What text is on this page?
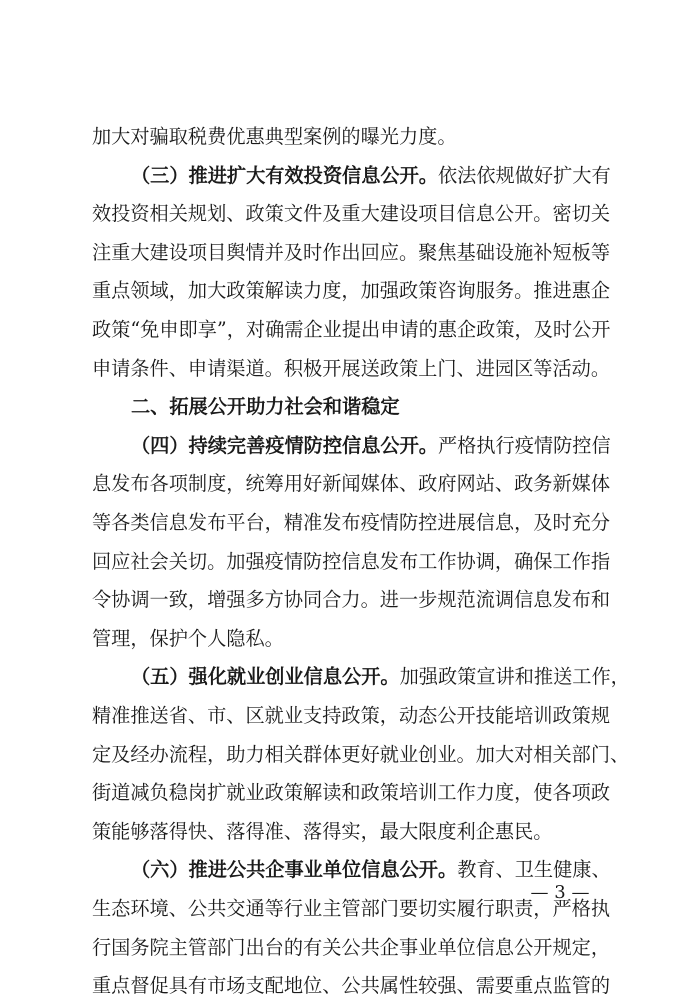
加大对骗取税费优惠典型案例的曝光力度。
（三）推进扩大有效投资信息公开。依法依规做好扩大有
效投资相关规划、政策文件及重大建设项目信息公开。密切关
注重大建设项目舆情并及时作出回应。聚焦基础设施补短板等
重点领域，加大政策解读力度，加强政策咨询服务。推进惠企
政策“免申即享”，对确需企业提出申请的惠企政策，及时公开
申请条件、申请渠道。积极开展送政策上门、进园区等活动。
二、拓展公开助力社会和谐稳定
（四）持续完善疫情防控信息公开。严格执行疫情防控信
息发布各项制度，统筹用好新闻媒体、政府网站、政务新媒体
等各类信息发布平台，精准发布疫情防控进展信息，及时充分
回应社会关切。加强疫情防控信息发布工作协调，确保工作指
令协调一致，增强多方协同合力。进一步规范流调信息发布和
管理，保护个人隐私。
（五）强化就业创业信息公开。加强政策宣讲和推送工作，
精准推送省、市、区就业支持政策，动态公开技能培训政策规
定及经办流程，助力相关群体更好就业创业。加大对相关部门、
街道减负稳岗扩就业政策解读和政策培训工作力度，使各项政
策能够落得快、落得准、落得实，最大限度利企惠民。
（六）推进公共企事业单位信息公开。教育、卫生健康、
生态环境、公共交通等行业主管部门要切实履行职责，严格执
行国务院主管部门出台的有关公共企事业单位信息公开规定，
重点督促具有市场支配地位、公共属性较强、需要重点监管的
— 3 —
